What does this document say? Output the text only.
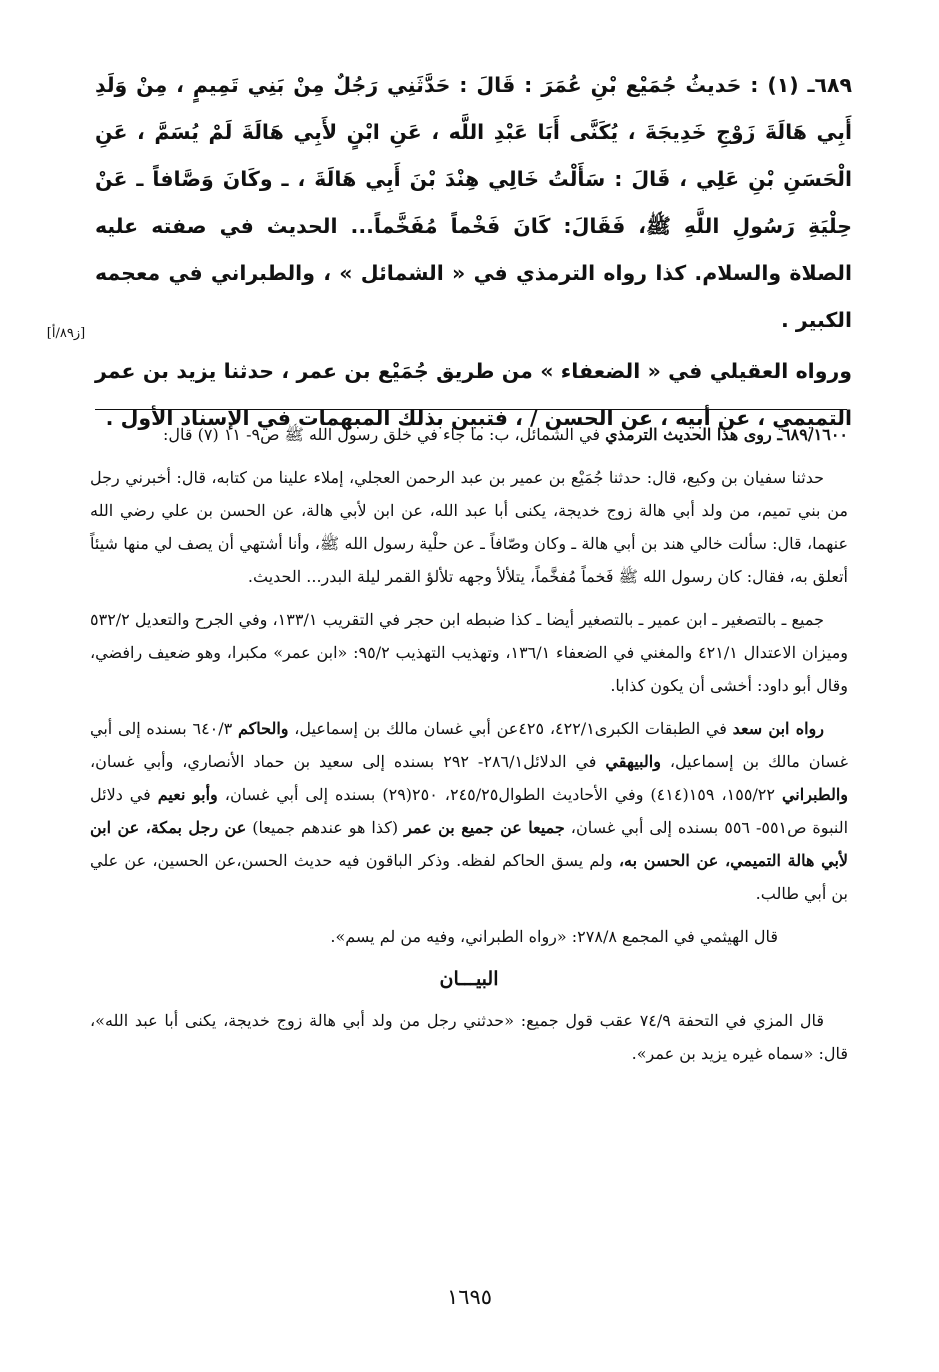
٦٨٩ـ (١) : حَديثُ جُمَيْع بْنِ عُمَرَ : قَالَ : حَدَّثَنِي رَجُلٌ مِنْ بَنِي تَمِيمٍ ، مِنْ وَلَدِ أَبِي هَالَةَ زَوْجِ خَدِيجَةَ ، يُكَنَّى أَبَا عَبْدِ اللَّه ، عَنِ ابْنٍ لأَبِي هَالَةَ لَمْ يُسَمَّ ، عَنِ الْحَسَنِ بْنِ عَلِي ، قَالَ : سَأَلْتُ خَالِي هِنْدَ بْنَ أَبِي هَالَةَ ، ـ وكَانَ وَصَّافاً ـ عَنْ حِلْيَةِ رَسُولِ اللَّهِ ﷺ، فَقَالَ: كَانَ فَخْماً مُفَخَّماً... الحديث في صفته عليه الصلاة والسلام. كذا رواه الترمذي في « الشمائل » ، والطبراني في معجمه الكبير .

ورواه العقيلي في « الضعفاء » من طريق جُمَيْع بن عمر ، حدثنا يزيد بن عمر التميمي ، عن أبيه ، عن الحسن / ، فتبين بذلك المبهمات في الإسناد الأول .

[ز٨٩/أ]

٦٨٩/١٦٠٠ـ روى هذا الحديث الترمذي في الشمائل، ب: ما جاء في خلق رسول الله ﷺ ص٩- ١١ (٧) قال:

حدثنا سفيان بن وكيع، قال: حدثنا جُمَيْع بن عمير بن عبد الرحمن العجلي، إملاء علينا من كتابه، قال: أخبرني رجل من بني تميم، من ولد أبي هالة زوج خديجة، يكنى أبا عبد الله، عن ابن لأبي هالة، عن الحسن بن علي رضي الله عنهما، قال: سألت خالي هند بن أبي هالة ـ وكان وصّافاً ـ عن حلْية رسول الله ﷺ، وأنا أشتهي أن يصف لي منها شيئاً أتعلق به، فقال: كان رسول الله ﷺ فَخماً مُفخَّماً، يتلألأ وجهه تلألؤ القمر ليلة البدر... الحديث.

جميع ـ بالتصغير ـ ابن عمير ـ بالتصغير أيضا ـ كذا ضبطه ابن حجر في التقريب ١٣٣/١، وفي الجرح والتعديل ٥٣٢/٢ وميزان الاعتدال ٤٢١/١ والمغني في الضعفاء ١٣٦/١، وتهذيب التهذيب ٩٥/٢: «ابن عمر» مكبرا، وهو ضعيف رافضي، وقال أبو داود: أخشى أن يكون كذابا.

رواه ابن سعد في الطبقات الكبرى٤٢٢/١، ٤٢٥عن أبي غسان مالك بن إسماعيل، والحاكم ٦٤٠/٣ بسنده إلى أبي غسان مالك بن إسماعيل، والبيهقي في الدلائل٢٨٦/١- ٢٩٢ بسنده إلى سعيد بن حماد الأنصاري، وأبي غسان، والطبراني ١٥٥/٢٢، ١٥٩(٤١٤) وفي الأحاديث الطوال٢٤٥/٢٥، ٢٥٠(٢٩) بسنده إلى أبي غسان، وأبو نعيم في دلائل النبوة ص٥٥١- ٥٥٦ بسنده إلى أبي غسان، جميعا عن جميع بن عمر (كذا هو عندهم جميعا) عن رجل بمكة، عن ابن لأبي هالة التميمي، عن الحسن به، ولم يسق الحاكم لفظه. وذكر الباقون فيه حديث الحسن،عن الحسين، عن علي بن أبي طالب.

قال الهيثمي في المجمع ٢٧٨/٨: «رواه الطبراني، وفيه من لم يسم».

البيـــان

قال المزي في التحفة ٧٤/٩ عقب قول جميع: «حدثني رجل من ولد أبي هالة زوج خديجة، يكنى أبا عبد الله»، قال: «سماه غيره يزيد بن عمر».

١٦٩٥
